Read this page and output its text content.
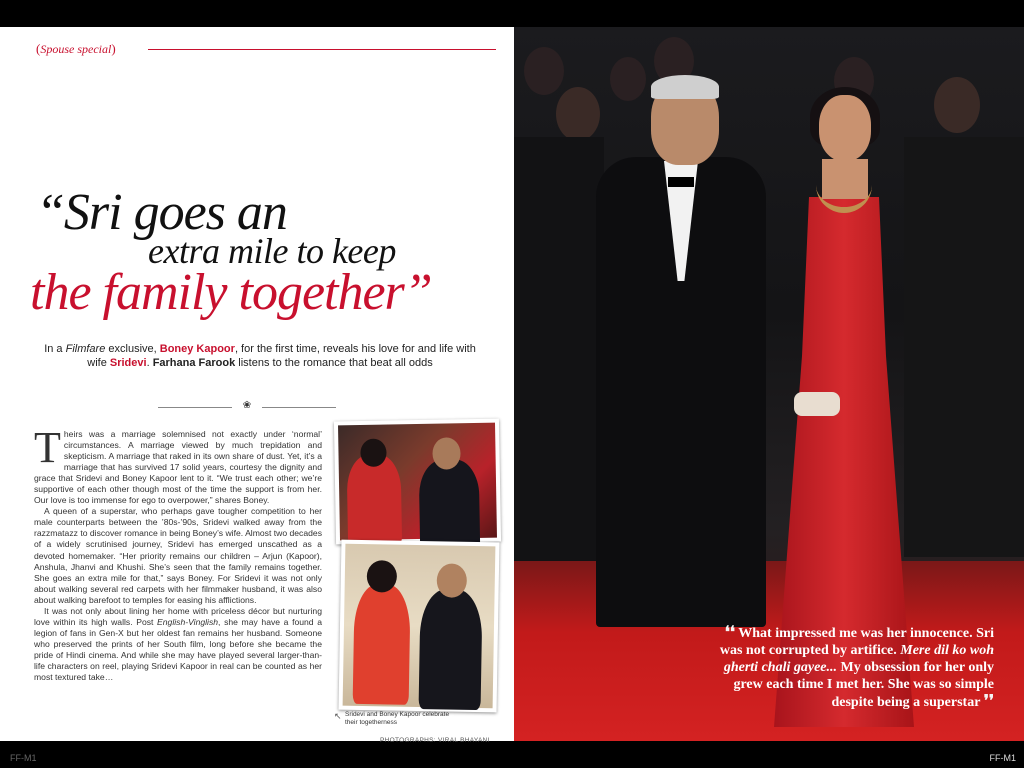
(Spouse special)
“Sri goes an
extra mile to keep
the family together”
In a Filmfare exclusive, Boney Kapoor, for the first time, reveals his love for and life with wife Sridevi. Farhana Farook listens to the romance that beat all odds
❀

Theirs was a marriage solemnised not exactly under ‘normal’ circumstances. A marriage viewed by much trepidation and skepticism. A marriage that raked in its own share of dust. Yet, it’s a marriage that has survived 17 solid years, courtesy the dignity and grace that Sridevi and Boney Kapoor lent to it. “We trust each other; we’re supportive of each other though most of the time the support is from her. Our love is too immense for ego to overpower,” shares Boney.

A queen of a superstar, who perhaps gave tougher competition to her male counterparts between the ’80s-’90s, Sridevi walked away from the razzmatazz to discover romance in being Boney’s wife. Almost two decades of a widely scrutinised journey, Sridevi has emerged unscathed as a devoted homemaker. “Her priority remains our children – Arjun (Kapoor), Anshula, Jhanvi and Khushi. She’s seen that the family remains together. She goes an extra mile for that,” says Boney. For Sridevi it was not only about walking several red carpets with her filmmaker husband, it was also about walking barefoot to temples for easing his afflictions.

It was not only about lining her home with priceless décor but nurturing love within its high walls. Post English-Vinglish, she may have a found a legion of fans in Gen-X but her oldest fan remains her husband. Someone who preserved the prints of her South film, long before she became the pride of Hindi cinema. And while she may have played several larger-than-life characters on reel, playing Sridevi Kapoor in real can be counted as her most textured take…

↖ Sridevi and Boney Kapoor celebrate their togetherness
PHOTOGRAPHS: VIRAL BHAYANI
FF-M1
❛❛ What impressed me was her innocence. Sri was not corrupted by artifice. Mere dil ko woh gherti chali gayee... My obsession for her only grew each time I met her. She was so simple despite being a superstar ❜❜
FF-M1
